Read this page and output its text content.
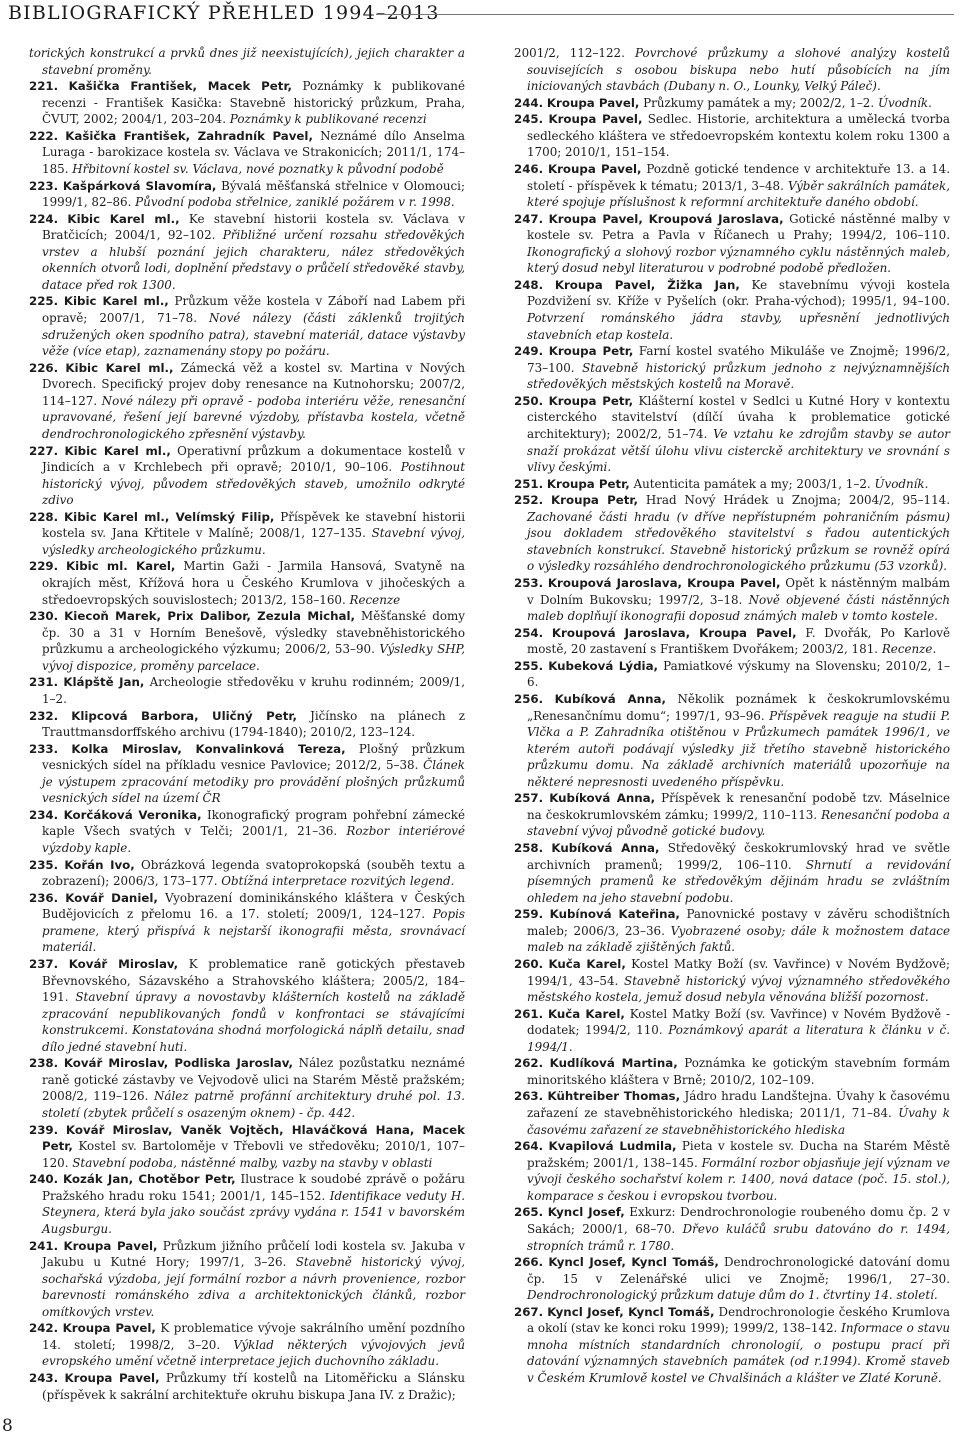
BIBLIOGRAFICKÝ PŘEHLED 1994–2013

torických konstrukcí a prvků dnes již neexistujících), jejich charakter a stavební proměny.

221. Kašička František, Macek Petr, Poznámky k publikované recenzi - František Kasička: Stavebně historický průzkum, Praha, ČVUT, 2002; 2004/1, 203–204. Poznámky k publikované recenzi

222. Kašička František, Zahradník Pavel, Neznámé dílo Anselma Luraga - barokizace kostela sv. Václava ve Strakonicích; 2011/1, 174–185. Hřbitovní kostel sv. Václava, nové poznatky k původní podobě

223. Kašpárková Slavomíra, Bývalá měšťanská střelnice v Olomouci; 1999/1, 82–86. Původní podoba střelnice, zaniklé požárem v r. 1998.

224. Kibic Karel ml., Ke stavební historii kostela sv. Václava v Bratčicích; 2004/1, 92–102. Přibližné určení rozsahu středověkých vrstev a hlubší poznání jejich charakteru, nález středověkých okenních otvorů lodi, doplnění představy o průčelí středověké stavby, datace před rok 1300.

225. Kibic Karel ml., Průzkum věže kostela v Záboří nad Labem při opravě; 2007/1, 71–78. Nové nálezy (části záklenků trojitých sdružených oken spodního patra), stavební materiál, datace výstavby věže (více etap), zaznamenány stopy po požáru.

226. Kibic Karel ml., Zámecká věž a kostel sv. Martina v Nových Dvorech. Specifický projev doby renesance na Kutnohorsku; 2007/2, 114–127. Nové nálezy při opravě - podoba interiéru věže, renesanční upravované, řešení její barevné výzdoby, přístavba kostela, včetně dendrochronologického zpřesnění výstavby.

227. Kibic Karel ml., Operativní průzkum a dokumentace kostelů v Jindicích a v Krchlebech při opravě; 2010/1, 90–106. Postihnout historický vývoj, původem středověkých staveb, umožnilo odkryté zdivo

228. Kibic Karel ml., Velímský Filip, Příspěvek ke stavební historii kostela sv. Jana Křtitele v Malíně; 2008/1, 127–135. Stavební vývoj, výsledky archeologického průzkumu.

229. Kibic ml. Karel, Martin Gaži - Jarmila Hansová, Svatyně na okrajích měst, Křížová hora u Českého Krumlova v jihočeských a středoevropských souvislostech; 2013/2, 158–160. Recenze

230. Kiecoň Marek, Prix Dalibor, Zezula Michal, Měšťanské domy čp. 30 a 31 v Horním Benešově, výsledky stavebněhistorického průzkumu a archeologického výzkumu; 2006/2, 53–90. Výsledky SHP, vývoj dispozice, proměny parcelace.

231. Klápště Jan, Archeologie středověku v kruhu rodinném; 2009/1, 1–2.

232. Klipcová Barbora, Uličný Petr, Jičínsko na plánech z Trauttmansdorffského archivu (1794-1840); 2010/2, 123–124.

233. Kolka Miroslav, Konvalinková Tereza, Plošný průzkum vesnických sídel na příkladu vesnice Pavlovice; 2012/2, 5–38. Článek je výstupem zpracování metodiky pro provádění plošných průzkumů vesnických sídel na území ČR

234. Korčáková Veronika, Ikonografický program pohřební zámecké kaple Všech svatých v Telči; 2001/1, 21–36. Rozbor interiérové výzdoby kaple.

235. Kořán Ivo, Obrázková legenda svatoprokopská (souběh textu a zobrazení); 2006/3, 173–177. Obtížná interpretace rozvitých legend.

236. Kovář Daniel, Vyobrazení dominikánského kláštera v Českých Budějovicích z přelomu 16. a 17. století; 2009/1, 124–127. Popis pramene, který přispívá k nejstarší ikonografii města, srovnávací materiál.

237. Kovář Miroslav, K problematice raně gotických přestaveb Břevnovského, Sázavského a Strahovského kláštera; 2005/2, 184–191. Stavební úpravy a novostavby klášterních kostelů na základě zpracování nepublikovaných fondů v konfrontaci se stávajícími konstrukcemi. Konstatována shodná morfologická náplň detailu, snad dílo jedné stavební huti.

238. Kovář Miroslav, Podliska Jaroslav, Nález pozůstatku neznámé raně gotické zástavby ve Vejvodově ulici na Starém Městě pražském; 2008/2, 119–126. Nález patrně profánní architektury druhé pol. 13. století (zbytek průčelí s osazeným oknem) - čp. 442.

239. Kovář Miroslav, Vaněk Vojtěch, Hlaváčková Hana, Macek Petr, Kostel sv. Bartoloměje v Třebovli ve středověku; 2010/1, 107–120. Stavební podoba, nástěnné malby, vazby na stavby v oblasti

240. Kozák Jan, Chotěbor Petr, Ilustrace k soudobé zprávě o požáru Pražského hradu roku 1541; 2001/1, 145–152. Identifikace veduty H. Steynera, která byla jako součást zprávy vydána r. 1541 v bavorském Augsburgu.

241. Kroupa Pavel, Průzkum jižního průčelí lodi kostela sv. Jakuba v Jakubu u Kutné Hory; 1997/1, 3–26. Stavebně historický vývoj, sochařská výzdoba, její formální rozbor a návrh provenience, rozbor barevnosti románského zdiva a architektonických článků, rozbor omítkových vrstev.

242. Kroupa Pavel, K problematice vývoje sakrálního umění pozdního 14. století; 1998/2, 3–20. Výklad některých vývojových jevů evropského umění včetně interpretace jejich duchovního základu.

243. Kroupa Pavel, Průzkumy tří kostelů na Litoměřicku a Slánsku (příspěvek k sakrální architektuře okruhu biskupa Jana IV. z Dražic);

2001/2, 112–122. Povrchové průzkumy a slohové analýzy kostelů souvisejících s osobou biskupa nebo hutí působících na jím iniciovaných stavbách (Dubany n. O., Lounky, Velký Páleč).

244. Kroupa Pavel, Průzkumy památek a my; 2002/2, 1–2. Úvodník.

245. Kroupa Pavel, Sedlec. Historie, architektura a umělecká tvorba sedleckého kláštera ve středoevropském kontextu kolem roku 1300 a 1700; 2010/1, 151–154.

246. Kroupa Pavel, Pozdně gotické tendence v architektuře 13. a 14. století - příspěvek k tématu; 2013/1, 3–48. Výběr sakrálních památek, které spojuje příslušnost k reformní architektuře daného období.

247. Kroupa Pavel, Kroupová Jaroslava, Gotické nástěnné malby v kostele sv. Petra a Pavla v Říčanech u Prahy; 1994/2, 106–110. Ikonografický a slohový rozbor významného cyklu nástěnných maleb, který dosud nebyl literaturou v podrobné podobě předložen.

248. Kroupa Pavel, Žižka Jan, Ke stavebnímu vývoji kostela Pozdvižení sv. Kříže v Pyšelích (okr. Praha-východ); 1995/1, 94–100. Potvrzení románského jádra stavby, upřesnění jednotlivých stavebních etap kostela.

249. Kroupa Petr, Farní kostel svatého Mikuláše ve Znojmě; 1996/2, 73–100. Stavebně historický průzkum jednoho z nejvýznamnějších středověkých městských kostelů na Moravě.

250. Kroupa Petr, Klášterní kostel v Sedlci u Kutné Hory v kontextu cisterckého stavitelství (dílčí úvaha k problematice gotické architektury); 2002/2, 51–74. Ve vztahu ke zdrojům stavby se autor snaží prokázat větší úlohu vlivu cisterckě architektury ve srovnání s vlivy českými.

251. Kroupa Petr, Autenticita památek a my; 2003/1, 1–2. Úvodník.

252. Kroupa Petr, Hrad Nový Hrádek u Znojma; 2004/2, 95–114. Zachované části hradu (v dříve nepřístupném pohraničním pásmu) jsou dokladem středověkého stavitelství s řadou autentických stavebních konstrukcí. Stavebně historický průzkum se rovněž opírá o výsledky rozsáhlého dendrochronologického průzkumu (53 vzorků).

253. Kroupová Jaroslava, Kroupa Pavel, Opět k nástěnným malbám v Dolním Bukovsku; 1997/2, 3–18. Nově objevené části nástěnných maleb doplňují ikonografii doposud známých maleb v tomto kostele.

254. Kroupová Jaroslava, Kroupa Pavel, F. Dvořák, Po Karlově mostě, 20 zastavení s Františkem Dvořákem; 2003/2, 181. Recenze.

255. Kubeková Lýdia, Pamiatkové výskumy na Slovensku; 2010/2, 1–6.

256. Kubíková Anna, Několik poznámek k českokrumlovskému „Renesančnímu domu“; 1997/1, 93–96. Příspěvek reaguje na studii P. Vlčka a P. Zahradníka otištěnou v Průzkumech památek 1996/1, ve kterém autoři podávají výsledky již třetího stavebně historického průzkumu domu. Na základě archivních materiálů upozorňuje na některé nepresnosti uvedeného příspěvku.

257. Kubíková Anna, Příspěvek k renesanční podobě tzv. Máselnice na českokrumlovském zámku; 1999/2, 110–113. Renesanční podoba a stavební vývoj původně gotické budovy.

258. Kubíková Anna, Středověký českokrumlovský hrad ve světle archivních pramenů; 1999/2, 106–110. Shrnutí a revidování písemných pramenů ke středověkým dějinám hradu se zvláštním ohledem na jeho stavební podobu.

259. Kubínová Kateřina, Panovnické postavy v závěru schodištních maleb; 2006/3, 23–36. Vyobrazené osoby; dále k možnostem datace maleb na základě zjištěných faktů.

260. Kuča Karel, Kostel Matky Boží (sv. Vavřince) v Novém Bydžově; 1994/1, 43–54. Stavebně historický vývoj významného středověkého městského kostela, jemuž dosud nebyla věnována bližší pozornost.

261. Kuča Karel, Kostel Matky Boží (sv. Vavřince) v Novém Bydžově - dodatek; 1994/2, 110. Poznámkový aparát a literatura k článku v č. 1994/1.

262. Kudlíková Martina, Poznámka ke gotickým stavebním formám minoritského kláštera v Brně; 2010/2, 102–109.

263. Kühtreiber Thomas, Jádro hradu Landštejna. Úvahy k časovému zařazení ze stavebněhistorického hlediska; 2011/1, 71–84. Úvahy k časovému zařazení ze stavebněhistorického hlediska

264. Kvapilová Ludmila, Pieta v kostele sv. Ducha na Starém Městě pražském; 2001/1, 138–145. Formální rozbor objasňuje její význam ve vývoji českého sochařství kolem r. 1400, nová datace (poč. 15. stol.), komparace s českou i evropskou tvorbou.

265. Kyncl Josef, Exkurz: Dendrochronologie roubeného domu čp. 2 v Sakách; 2000/1, 68–70. Dřevo kuláčů srubu datováno do r. 1494, stropních trámů r. 1780.

266. Kyncl Josef, Kyncl Tomáš, Dendrochronologické datování domu čp. 15 v Zelenářské ulici ve Znojmě; 1996/1, 27–30. Dendrochronologický průzkum datuje dům do 1. čtvrtiny 14. století.

267. Kyncl Josef, Kyncl Tomáš, Dendrochronologie českého Krumlova a okolí (stav ke konci roku 1999); 1999/2, 138–142. Informace o stavu mnoha místních standardních chronologií, o postupu prací při datování významných stavebních památek (od r.1994). Kromě staveb v Českém Krumlově kostel ve Chvalšinách a klášter ve Zlaté Koruně.

8
